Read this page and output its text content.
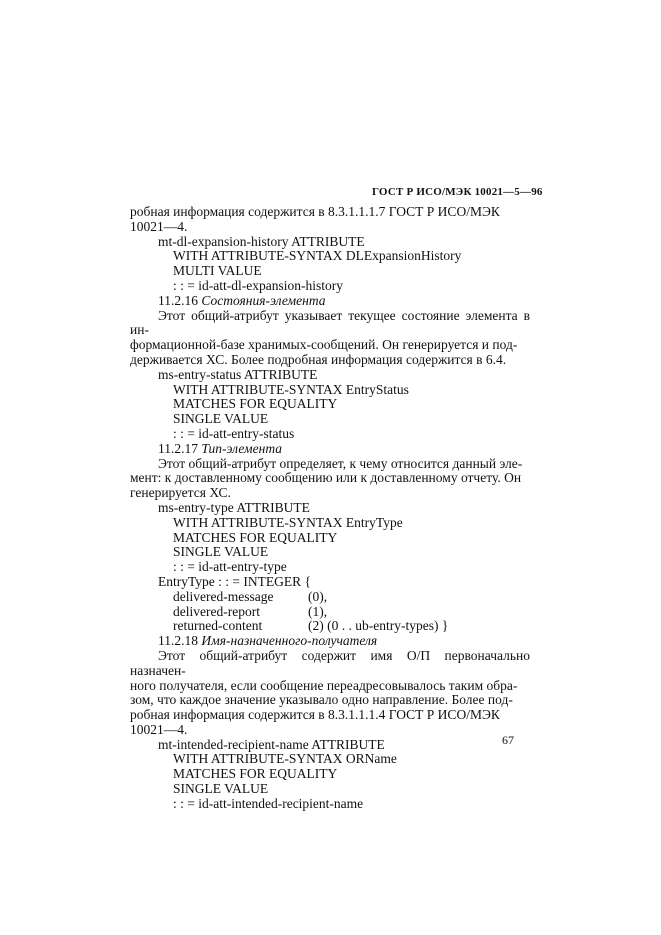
ГОСТ Р ИСО/МЭК 10021—5—96

робная информация содержится в 8.3.1.1.1.7 ГОСТ Р ИСО/МЭК

10021—4.

mt-dl-expansion-history ATTRIBUTE

WITH ATTRIBUTE-SYNTAX DLExpansionHistory

MULTI VALUE

: : = id-att-dl-expansion-history

11.2.16 Состояния-элемента

Этот общий-атрибут указывает текущее состояние элемента в ин-

формационной-базе хранимых-сообщений. Он генерируется и под-

держивается ХС. Более подробная информация содержится в 6.4.

ms-entry-status ATTRIBUTE

WITH ATTRIBUTE-SYNTAX EntryStatus

MATCHES FOR EQUALITY

SINGLE VALUE

: : = id-att-entry-status

11.2.17 Тип-элемента

Этот общий-атрибут определяет, к чему относится данный эле-

мент: к доставленному сообщению или к доставленному отчету. Он

генерируется ХС.

ms-entry-type ATTRIBUTE

WITH ATTRIBUTE-SYNTAX EntryType

MATCHES FOR EQUALITY

SINGLE VALUE

: : = id-att-entry-type

EntryType : : = INTEGER {

delivered-message	(0),
delivered-report	(1),
returned-content	(2) (0 . . ub-entry-types) }

11.2.18 Имя-назначенного-получателя

Этот общий-атрибут содержит имя О/П первоначально назначен-

ного получателя, если сообщение переадресовывалось таким обра-

зом, что каждое значение указывало одно направление. Более под-

робная информация содержится в 8.3.1.1.1.4 ГОСТ Р ИСО/МЭК

10021—4.

mt-intended-recipient-name ATTRIBUTE

WITH ATTRIBUTE-SYNTAX ORName

MATCHES FOR EQUALITY

SINGLE VALUE

: : = id-att-intended-recipient-name

67
